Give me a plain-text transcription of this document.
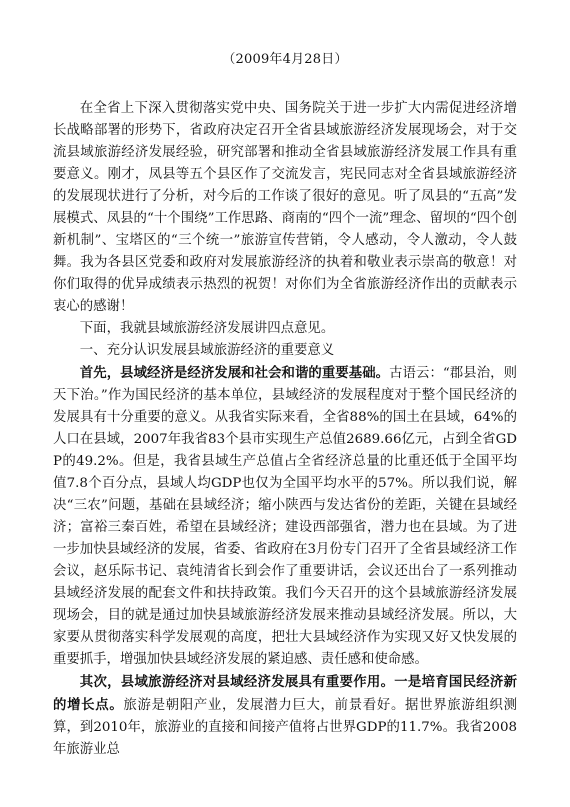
（2009年4月28日）

在全省上下深入贯彻落实党中央、国务院关于进一步扩大内需促进经济增长战略部署的形势下，省政府决定召开全省县域旅游经济发展现场会，对于交流县域旅游经济发展经验，研究部署和推动全省县域旅游经济发展工作具有重要意义。刚才，凤县等五个县区作了交流发言，宪民同志对全省县域旅游经济的发展现状进行了分析，对今后的工作谈了很好的意见。听了凤县的“五高”发展模式、凤县的“十个围绕”工作思路、商南的“四个一流”理念、留坝的“四个创新机制”、宝塔区的“三个统一”旅游宣传营销，令人感动，令人激动，令人鼓舞。我为各县区党委和政府对发展旅游经济的执着和敬业表示崇高的敬意！对你们取得的优异成绩表示热烈的祝贺！对你们为全省旅游经济作出的贡献表示衷心的感谢！

下面，我就县域旅游经济发展讲四点意见。

一、充分认识发展县域旅游经济的重要意义

首先，县域经济是经济发展和社会和谐的重要基础。古语云：“郡县治，则天下治。”作为国民经济的基本单位，县域经济的发展程度对于整个国民经济的发展具有十分重要的意义。从我省实际来看，全省88%的国土在县域，64%的人口在县域，2007年我省83个县市实现生产总值2689.66亿元，占到全省GDP的49.2%。但是，我省县域生产总值占全省经济总量的比重还低于全国平均值7.8个百分点，县域人均GDP也仅为全国平均水平的57%。所以我们说，解决“三农”问题，基础在县域经济；缩小陕西与发达省份的差距，关键在县域经济；富裕三秦百姓，希望在县域经济；建设西部强省，潜力也在县域。为了进一步加快县域经济的发展，省委、省政府在3月份专门召开了全省县域经济工作会议，赵乐际书记、袁纯清省长到会作了重要讲话，会议还出台了一系列推动县域经济发展的配套文件和扶持政策。我们今天召开的这个县域旅游经济发展现场会，目的就是通过加快县域旅游经济发展来推动县域经济发展。所以，大家要从贯彻落实科学发展观的高度，把壮大县域经济作为实现又好又快发展的重要抓手，增强加快县域经济发展的紧迫感、责任感和使命感。

其次，县域旅游经济对县域经济发展具有重要作用。一是培育国民经济新的增长点。旅游是朝阳产业，发展潜力巨大，前景看好。据世界旅游组织测算，到2010年，旅游业的直接和间接产值将占世界GDP的11.7%。我省2008年旅游业总
